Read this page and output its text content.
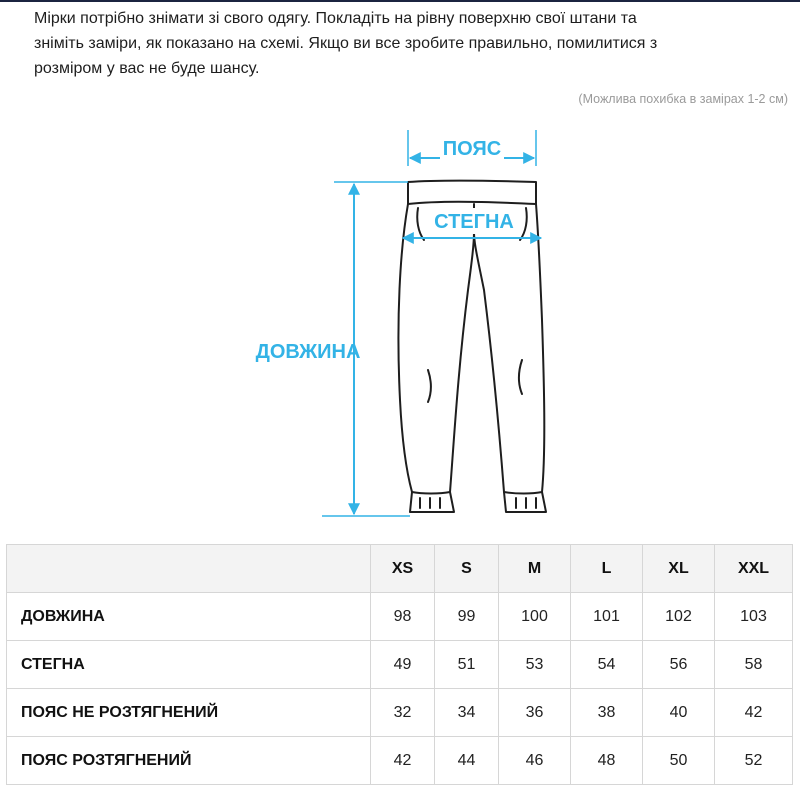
Мірки потрібно знімати зі свого одягу. Покладіть на рівну поверхню свої штани та
зніміть заміри, як показано на схемі. Якщо ви все зробите правильно, помилитися з
розміром у вас не буде шансу.
(Можлива похибка в замірах 1-2 см)
ПОЯС
СТЕГНА
ДОВЖИНА
	XS	S	M	L	XL	XXL
ДОВЖИНА	98	99	100	101	102	103
СТЕГНА	49	51	53	54	56	58
ПОЯС НЕ РОЗТЯГНЕНИЙ	32	34	36	38	40	42
ПОЯС РОЗТЯГНЕНИЙ	42	44	46	48	50	52
